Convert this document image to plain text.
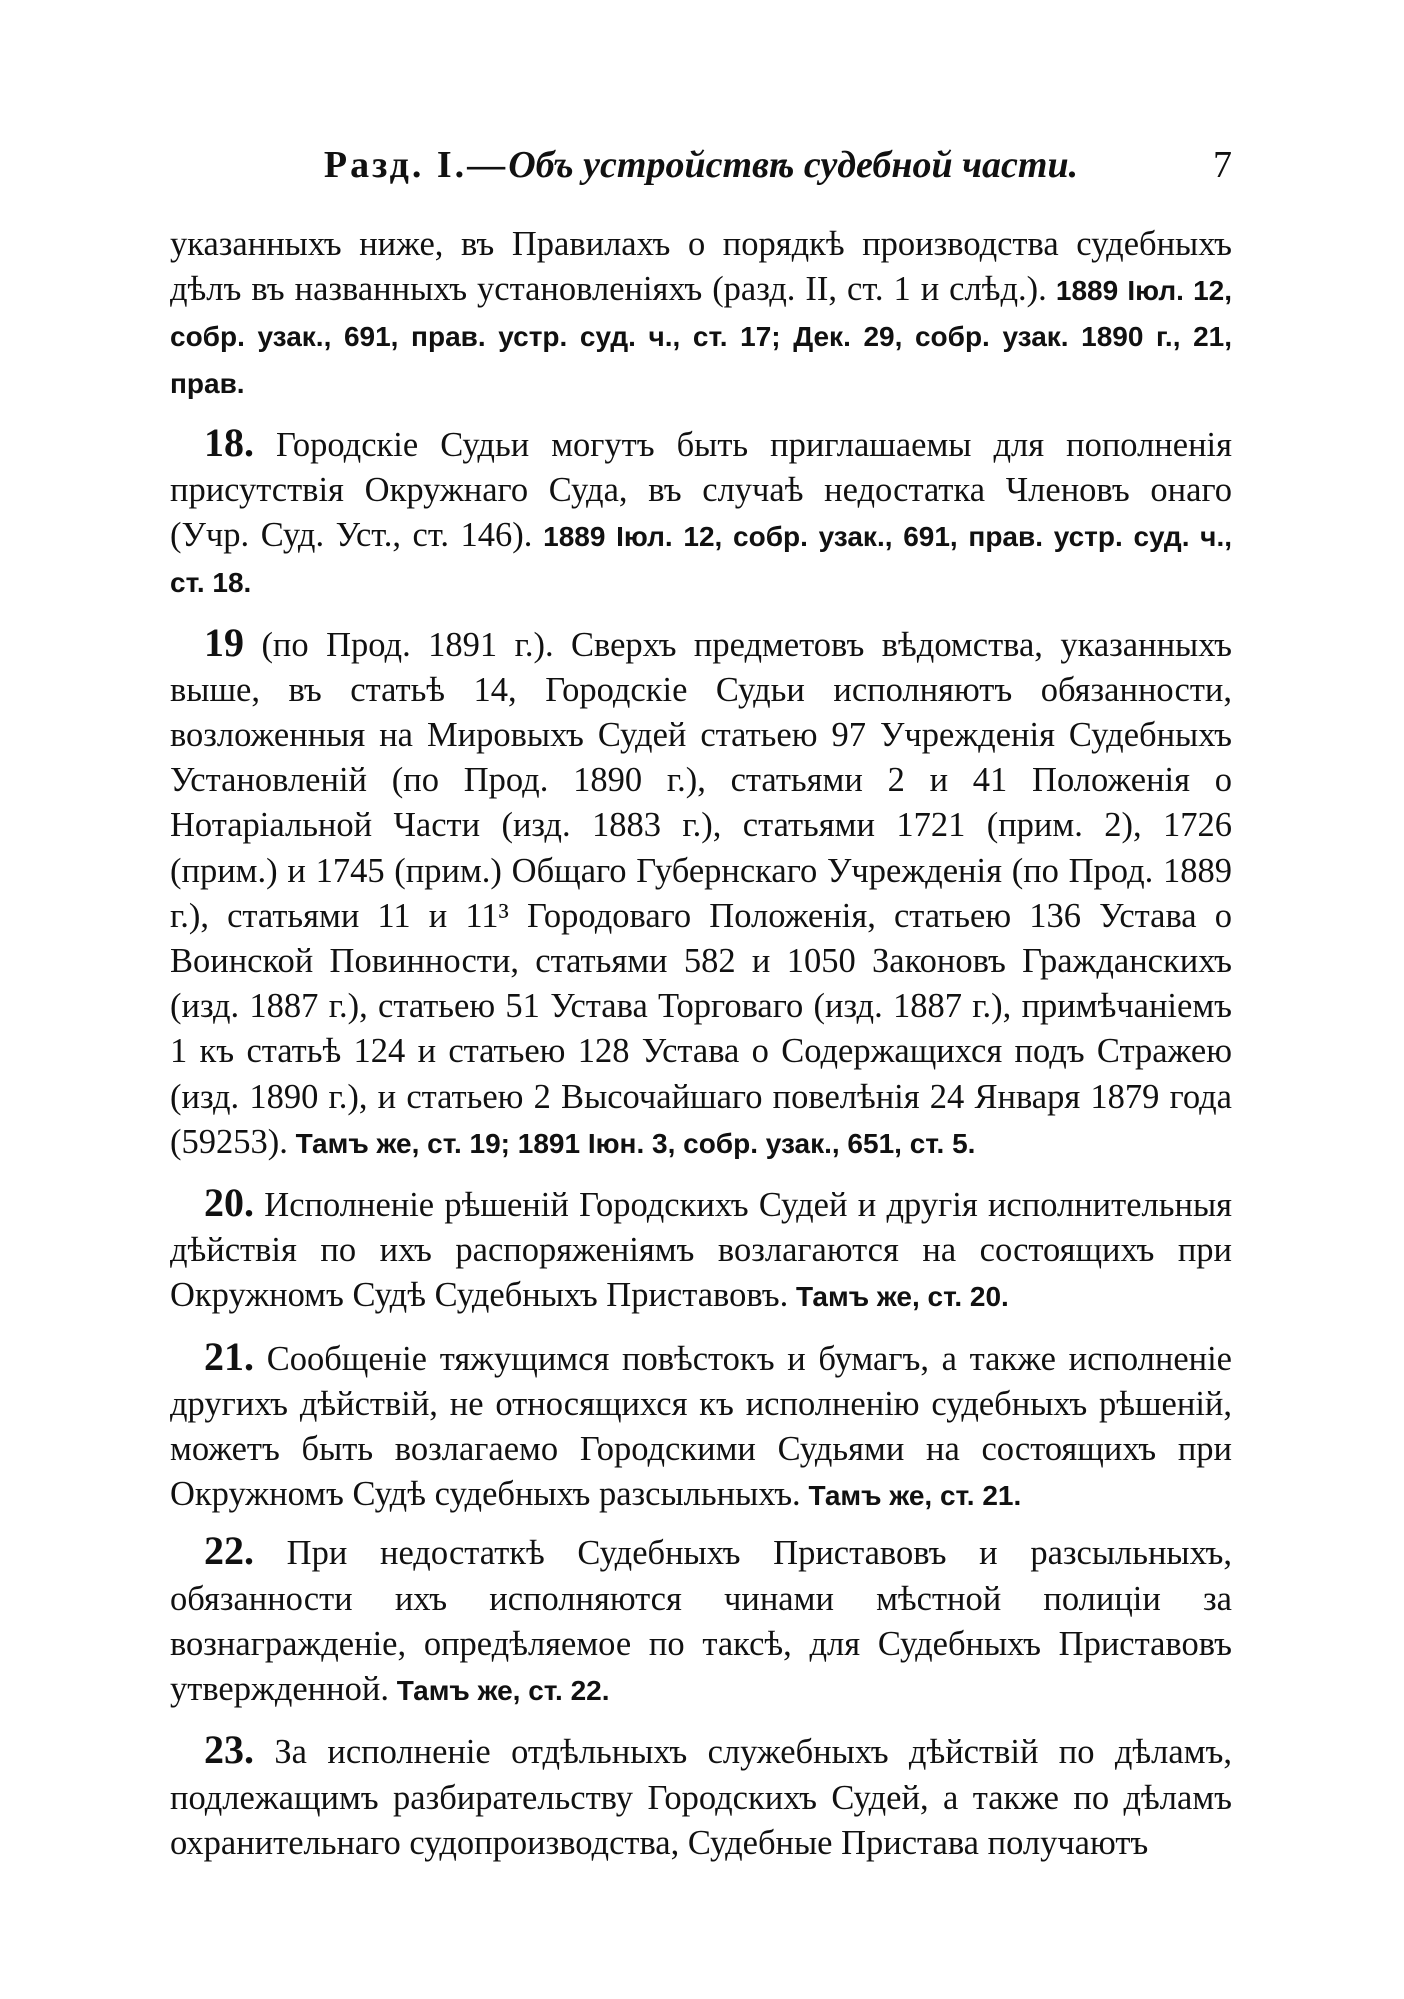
Разд. I.—Объ устройствѣ судебной части.	7

указанныхъ ниже, въ Правилахъ о порядкѣ производства судебныхъ дѣлъ въ названныхъ установленіяхъ (разд. II, ст. 1 и слѣд.). 1889 Іюл. 12, собр. узак., 691, прав. устр. суд. ч., ст. 17; Дек. 29, собр. узак. 1890 г., 21, прав.

18. Городскіе Судьи могутъ быть приглашаемы для пополненія присутствія Окружнаго Суда, въ случаѣ недостатка Членовъ онаго (Учр. Суд. Уст., ст. 146). 1889 Іюл. 12, собр. узак., 691, прав. устр. суд. ч., ст. 18.

19 (по Прод. 1891 г.). Сверхъ предметовъ вѣдомства, указанныхъ выше, въ статьѣ 14, Городскіе Судьи исполняютъ обязанности, возложенныя на Мировыхъ Судей статьею 97 Учрежденія Судебныхъ Установленій (по Прод. 1890 г.), статьями 2 и 41 Положенія о Нотаріальной Части (изд. 1883 г.), статьями 1721 (прим. 2), 1726 (прим.) и 1745 (прим.) Общаго Губернскаго Учрежденія (по Прод. 1889 г.), статьями 11 и 11³ Городоваго Положенія, статьею 136 Устава о Воинской Повинности, статьями 582 и 1050 Законовъ Гражданскихъ (изд. 1887 г.), статьею 51 Устава Торговаго (изд. 1887 г.), примѣчаніемъ 1 къ статьѣ 124 и статьею 128 Устава о Содержащихся подъ Стражею (изд. 1890 г.), и статьею 2 Высочайшаго повелѣнія 24 Января 1879 года (59253). Тамъ же, ст. 19; 1891 Іюн. 3, собр. узак., 651, ст. 5.

20. Исполненіе рѣшеній Городскихъ Судей и другія исполнительныя дѣйствія по ихъ распоряженіямъ возлагаются на состоящихъ при Окружномъ Судѣ Судебныхъ Приставовъ. Тамъ же, ст. 20.

21. Сообщеніе тяжущимся повѣстокъ и бумагъ, а также исполненіе другихъ дѣйствій, не относящихся къ исполненію судебныхъ рѣшеній, можетъ быть возлагаемо Городскими Судьями на состоящихъ при Окружномъ Судѣ судебныхъ разсыльныхъ. Тамъ же, ст. 21.

22. При недостаткѣ Судебныхъ Приставовъ и разсыльныхъ, обязанности ихъ исполняются чинами мѣстной полиціи за вознагражденіе, опредѣляемое по таксѣ, для Судебныхъ Приставовъ утвержденной. Тамъ же, ст. 22.

23. За исполненіе отдѣльныхъ служебныхъ дѣйствій по дѣламъ, подлежащимъ разбирательству Городскихъ Судей, а также по дѣламъ охранительнаго судопроизводства, Судебные Пристава получаютъ
